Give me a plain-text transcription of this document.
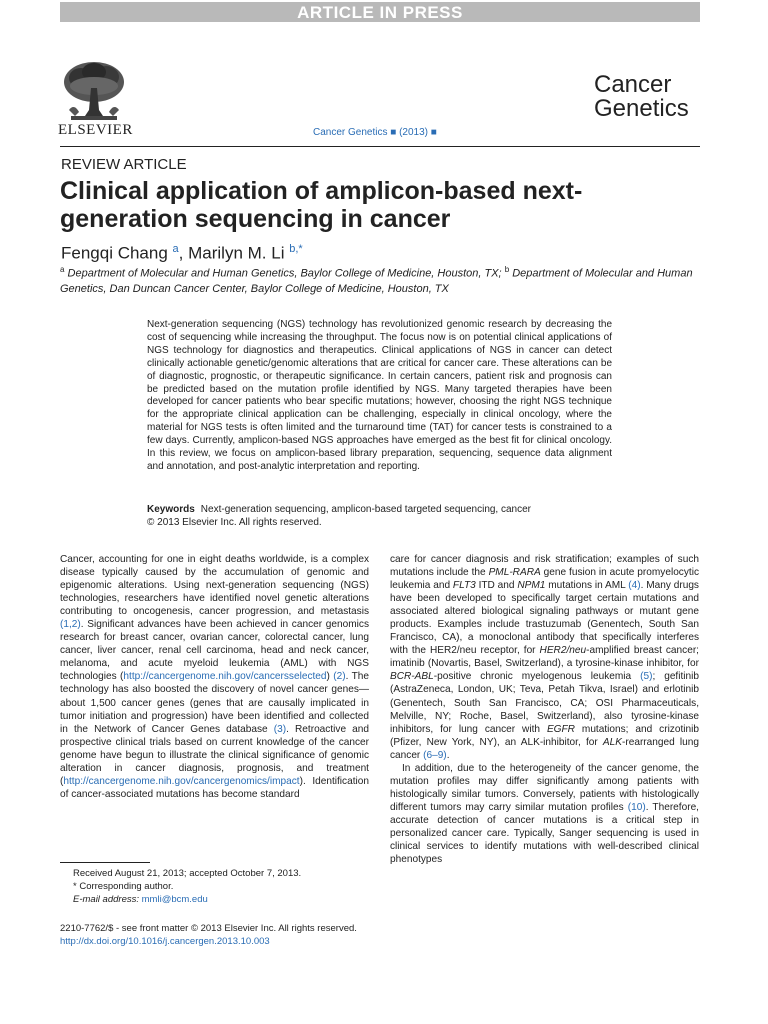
ARTICLE IN PRESS
ELSEVIER	Cancer Genetics ■ (2013) ■
Cancer
Genetics
REVIEW ARTICLE
Clinical application of amplicon-based next-generation sequencing in cancer
Fengqi Chang $^a$, Marilyn M. Li $^{b,*}$
$^a$ Department of Molecular and Human Genetics, Baylor College of Medicine, Houston, TX; $^b$ Department of Molecular and Human Genetics, Dan Duncan Cancer Center, Baylor College of Medicine, Houston, TX

Next-generation sequencing (NGS) technology has revolutionized genomic research by decreasing the cost of sequencing while increasing the throughput. The focus now is on potential clinical applications of NGS technology for diagnostics and therapeutics. Clinical applications of NGS in cancer can detect clinically actionable genetic/genomic alterations that are critical for cancer care. These alterations can be of diagnostic, prognostic, or therapeutic significance. In certain cancers, patient risk and prognosis can be predicted based on the mutation profile identified by NGS. Many targeted therapies have been developed for cancer patients who bear specific mutations; however, choosing the right NGS technique for the appropriate clinical application can be challenging, especially in clinical oncology, where the material for NGS tests is often limited and the turnaround time (TAT) for cancer tests is constrained to a few days. Currently, amplicon-based NGS approaches have emerged as the best fit for clinical oncology. In this review, we focus on amplicon-based library preparation, sequencing, sequence data alignment and annotation, and post-analytic interpretation and reporting.

Keywords Next-generation sequencing, amplicon-based targeted sequencing, cancer
© 2013 Elsevier Inc. All rights reserved.

Cancer, accounting for one in eight deaths worldwide, is a complex disease typically caused by the accumulation of genomic and epigenomic alterations. Using next-generation sequencing (NGS) technologies, researchers have identified novel genetic alterations contributing to oncogenesis, cancer progression, and metastasis (1,2). Significant advances have been achieved in cancer genomics research for breast cancer, ovarian cancer, colorectal cancer, lung cancer, liver cancer, renal cell carcinoma, head and neck cancer, melanoma, and acute myeloid leukemia (AML) with NGS technologies (http://cancergenome.nih.gov/cancersselected) (2). The technology has also boosted the discovery of novel cancer genes—about 1,500 cancer genes (genes that are causally implicated in tumor initiation and progression) have been identified and collected in the Network of Cancer Genes database (3). Retroactive and prospective clinical trials based on current knowledge of the cancer genome have begun to illustrate the clinical significance of genomic alteration in cancer diagnosis, prognosis, and treatment (http://cancergenome.nih.gov/cancergenomics/impact). Identification of cancer-associated mutations has become standard

care for cancer diagnosis and risk stratification; examples of such mutations include the PML-RARA gene fusion in acute promyelocytic leukemia and FLT3 ITD and NPM1 mutations in AML (4). Many drugs have been developed to specifically target certain mutations and associated altered biological signaling pathways or mutant gene products. Examples include trastuzumab (Genentech, South San Francisco, CA), a monoclonal antibody that specifically interferes with the HER2/neu receptor, for HER2/neu-amplified breast cancer; imatinib (Novartis, Basel, Switzerland), a tyrosine-kinase inhibitor, for BCR-ABL-positive chronic myelogenous leukemia (5); gefitinib (AstraZeneca, London, UK; Teva, Petah Tikva, Israel) and erlotinib (Genentech, South San Francisco, CA; OSI Pharmaceuticals, Melville, NY; Roche, Basel, Switzerland), also tyrosine-kinase inhibitors, for lung cancer with EGFR mutations; and crizotinib (Pfizer, New York, NY), an ALK-inhibitor, for ALK-rearranged lung cancer (6–9).

In addition, due to the heterogeneity of the cancer genome, the mutation profiles may differ significantly among patients with histologically similar tumors. Conversely, patients with histologically different tumors may carry similar mutation profiles (10). Therefore, accurate detection of cancer mutations is a critical step in personalized cancer care. Typically, Sanger sequencing is used in clinical services to identify mutations with well-described clinical phenotypes

Received August 21, 2013; accepted October 7, 2013.
* Corresponding author.
E-mail address: mmli@bcm.edu
2210-7762/$ - see front matter © 2013 Elsevier Inc. All rights reserved.
http://dx.doi.org/10.1016/j.cancergen.2013.10.003
